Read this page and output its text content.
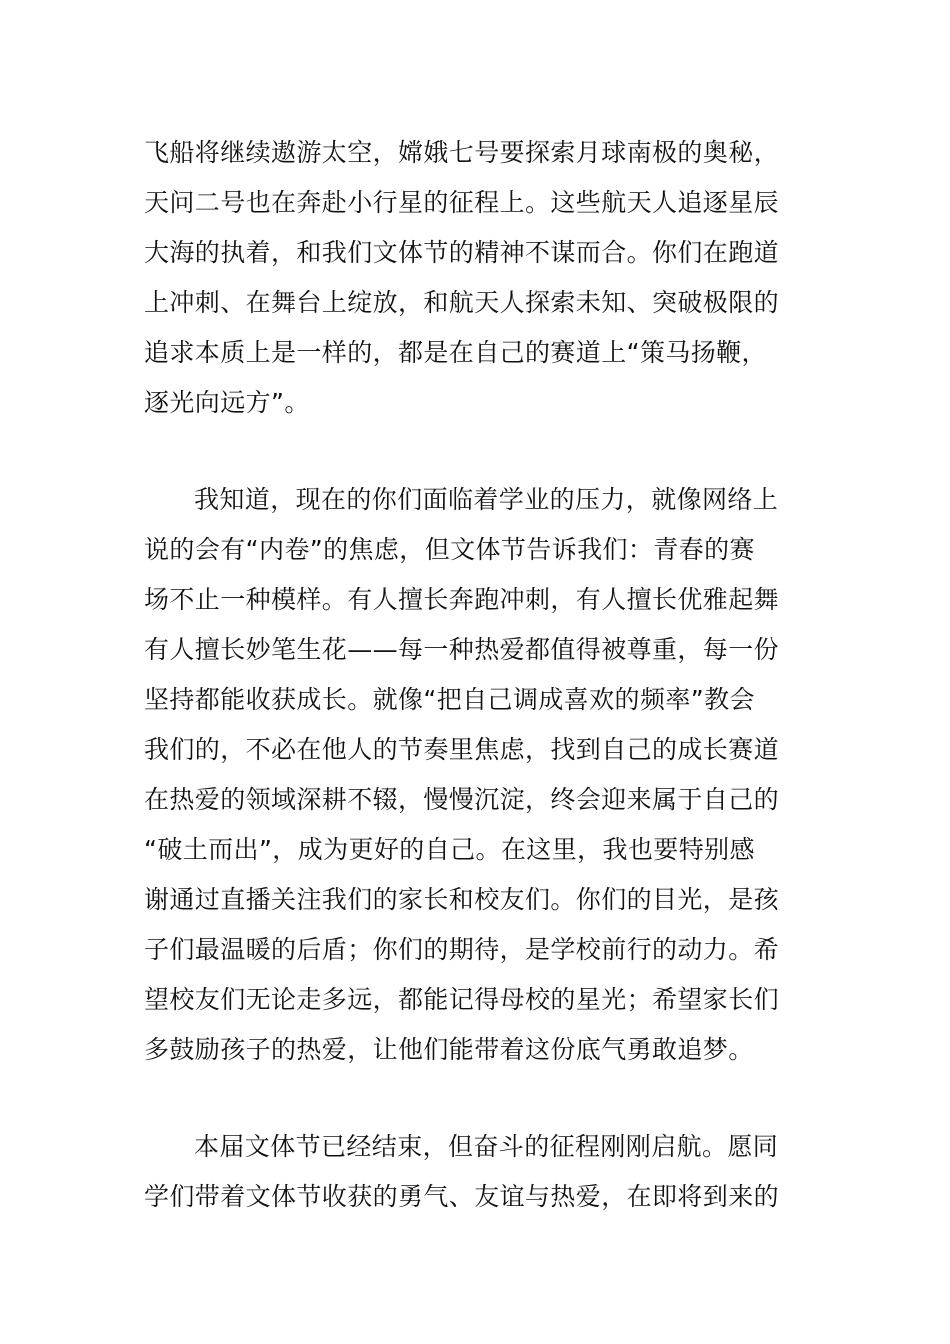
飞船将继续遨游太空，嫦娥七号要探索月球南极的奥秘，
天问二号也在奔赴小行星的征程上。这些航天人追逐星辰
大海的执着，和我们文体节的精神不谋而合。你们在跑道
上冲刺、在舞台上绽放，和航天人探索未知、突破极限的
追求本质上是一样的，都是在自己的赛道上“策马扬鞭，
逐光向远方”。
我知道，现在的你们面临着学业的压力，就像网络上
说的会有“内卷”的焦虑，但文体节告诉我们：青春的赛
场不止一种模样。有人擅长奔跑冲刺，有人擅长优雅起舞
有人擅长妙笔生花——每一种热爱都值得被尊重，每一份
坚持都能收获成长。就像“把自己调成喜欢的频率”教会
我们的，不必在他人的节奏里焦虑，找到自己的成长赛道
在热爱的领域深耕不辍，慢慢沉淀，终会迎来属于自己的
“破土而出”，成为更好的自己。在这里，我也要特别感
谢通过直播关注我们的家长和校友们。你们的目光，是孩
子们最温暖的后盾；你们的期待，是学校前行的动力。希
望校友们无论走多远，都能记得母校的星光；希望家长们
多鼓励孩子的热爱，让他们能带着这份底气勇敢追梦。
本届文体节已经结束，但奋斗的征程刚刚启航。愿同
学们带着文体节收获的勇气、友谊与热爱，在即将到来的
